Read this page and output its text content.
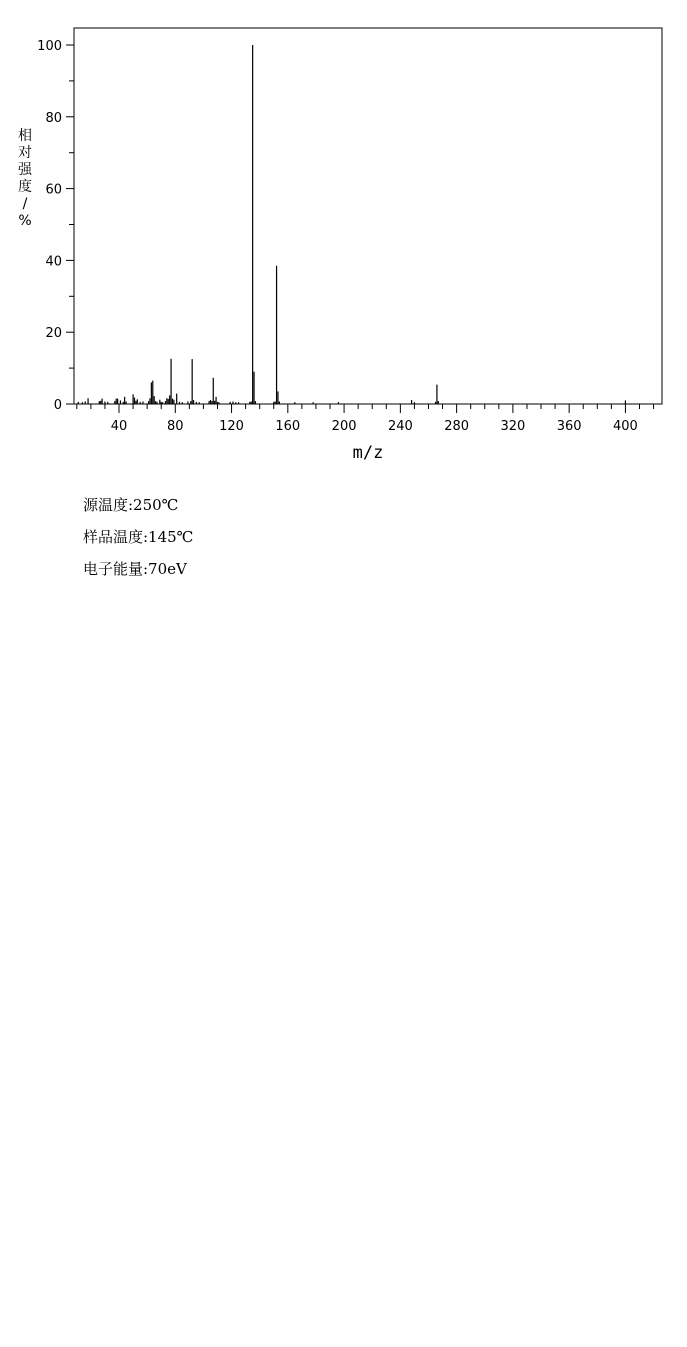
0
20
40
60
80
100
40	80	120 160 200 240 280 320 360 400
m/z
相对强度/ %
源温度:250℃
样品温度:145℃
电子能量:70eV
